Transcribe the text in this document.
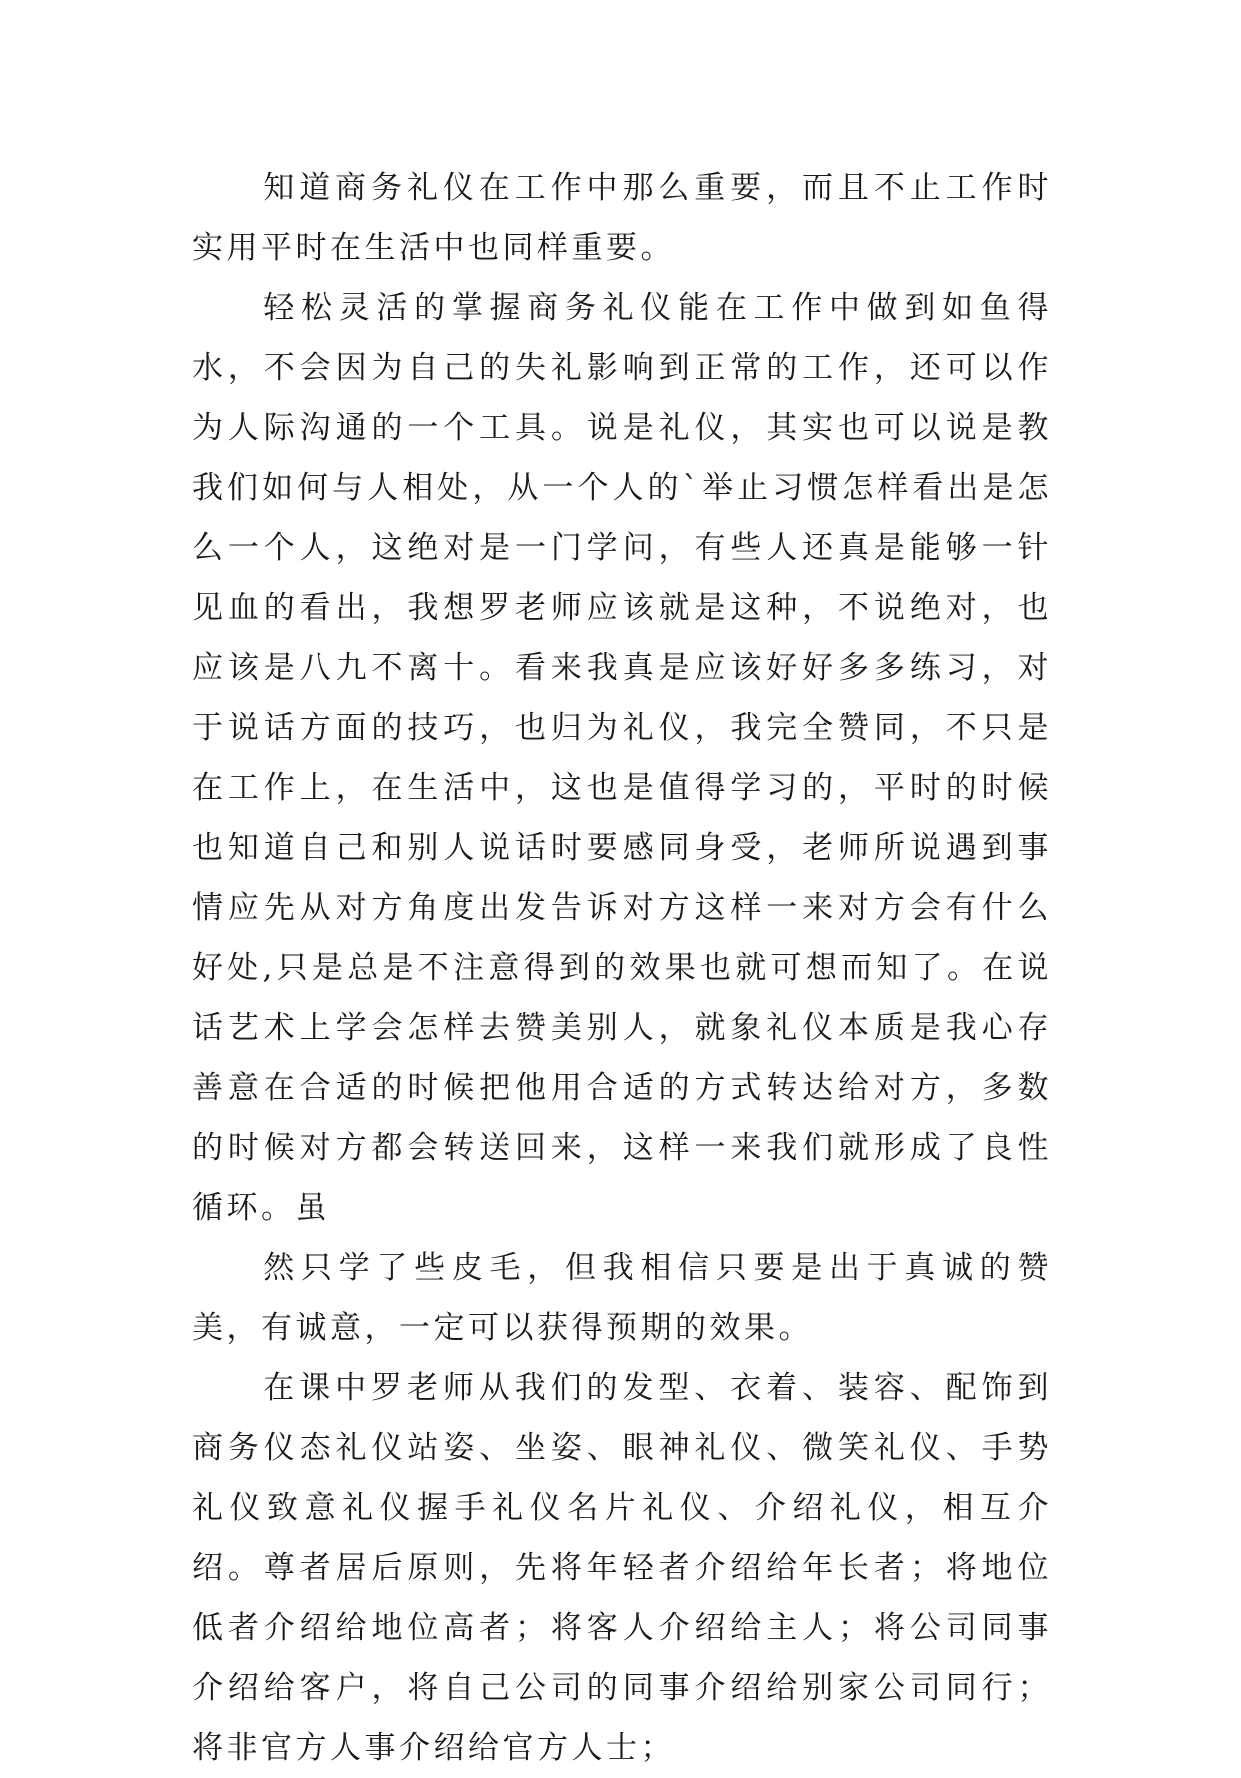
知道商务礼仪在工作中那么重要，而且不止工作时实用平时在生活中也同样重要。

轻松灵活的掌握商务礼仪能在工作中做到如鱼得水，不会因为自己的失礼影响到正常的工作，还可以作为人际沟通的一个工具。说是礼仪，其实也可以说是教我们如何与人相处，从一个人的`举止习惯怎样看出是怎么一个人，这绝对是一门学问，有些人还真是能够一针见血的看出，我想罗老师应该就是这种，不说绝对，也应该是八九不离十。看来我真是应该好好多多练习，对于说话方面的技巧，也归为礼仪，我完全赞同，不只是在工作上，在生活中，这也是值得学习的，平时的时候也知道自己和别人说话时要感同身受，老师所说遇到事情应先从对方角度出发告诉对方这样一来对方会有什么好处,只是总是不注意得到的效果也就可想而知了。在说话艺术上学会怎样去赞美别人，就象礼仪本质是我心存善意在合适的时候把他用合适的方式转达给对方，多数的时候对方都会转送回来，这样一来我们就形成了良性循环。虽

然只学了些皮毛，但我相信只要是出于真诚的赞美，有诚意，一定可以获得预期的效果。

在课中罗老师从我们的发型、衣着、装容、配饰到商务仪态礼仪站姿、坐姿、眼神礼仪、微笑礼仪、手势礼仪致意礼仪握手礼仪名片礼仪、介绍礼仪，相互介绍。尊者居后原则，先将年轻者介绍给年长者；将地位低者介绍给地位高者；将客人介绍给主人；将公司同事介绍给客户，将自己公司的同事介绍给别家公司同行；将非官方人事介绍给官方人士；
